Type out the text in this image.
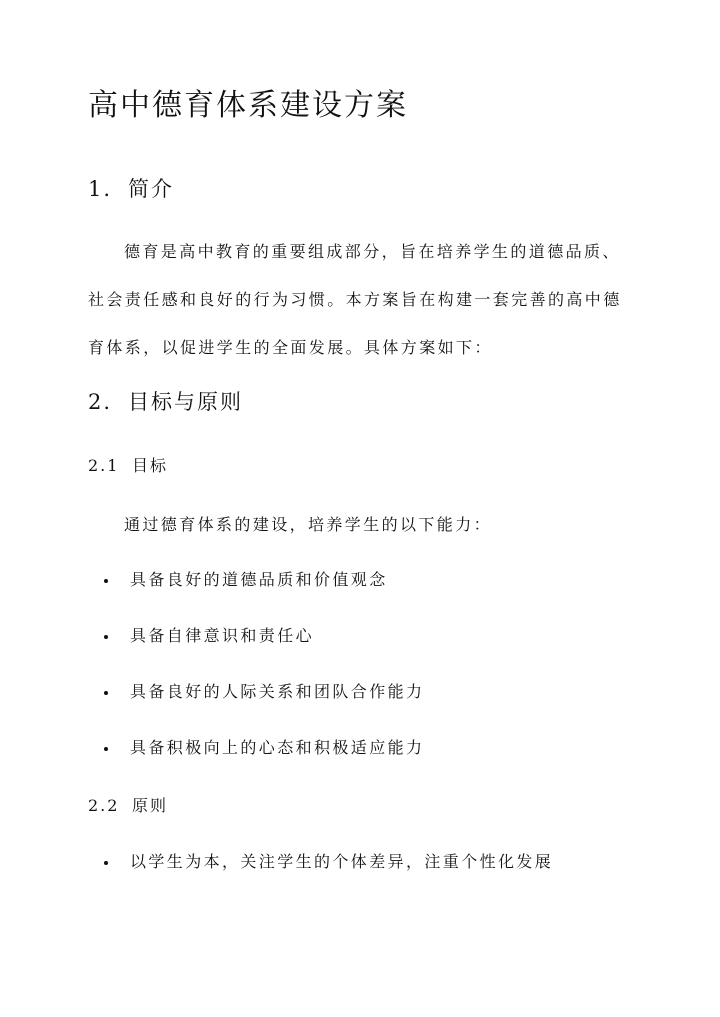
高中德育体系建设方案
1. 简介
德育是高中教育的重要组成部分，旨在培养学生的道德品质、
社会责任感和良好的行为习惯。本方案旨在构建一套完善的高中德
育体系，以促进学生的全面发展。具体方案如下：
2. 目标与原则
2.1 目标
通过德育体系的建设，培养学生的以下能力：
具备良好的道德品质和价值观念
具备自律意识和责任心
具备良好的人际关系和团队合作能力
具备积极向上的心态和积极适应能力
2.2 原则
以学生为本，关注学生的个体差异，注重个性化发展
